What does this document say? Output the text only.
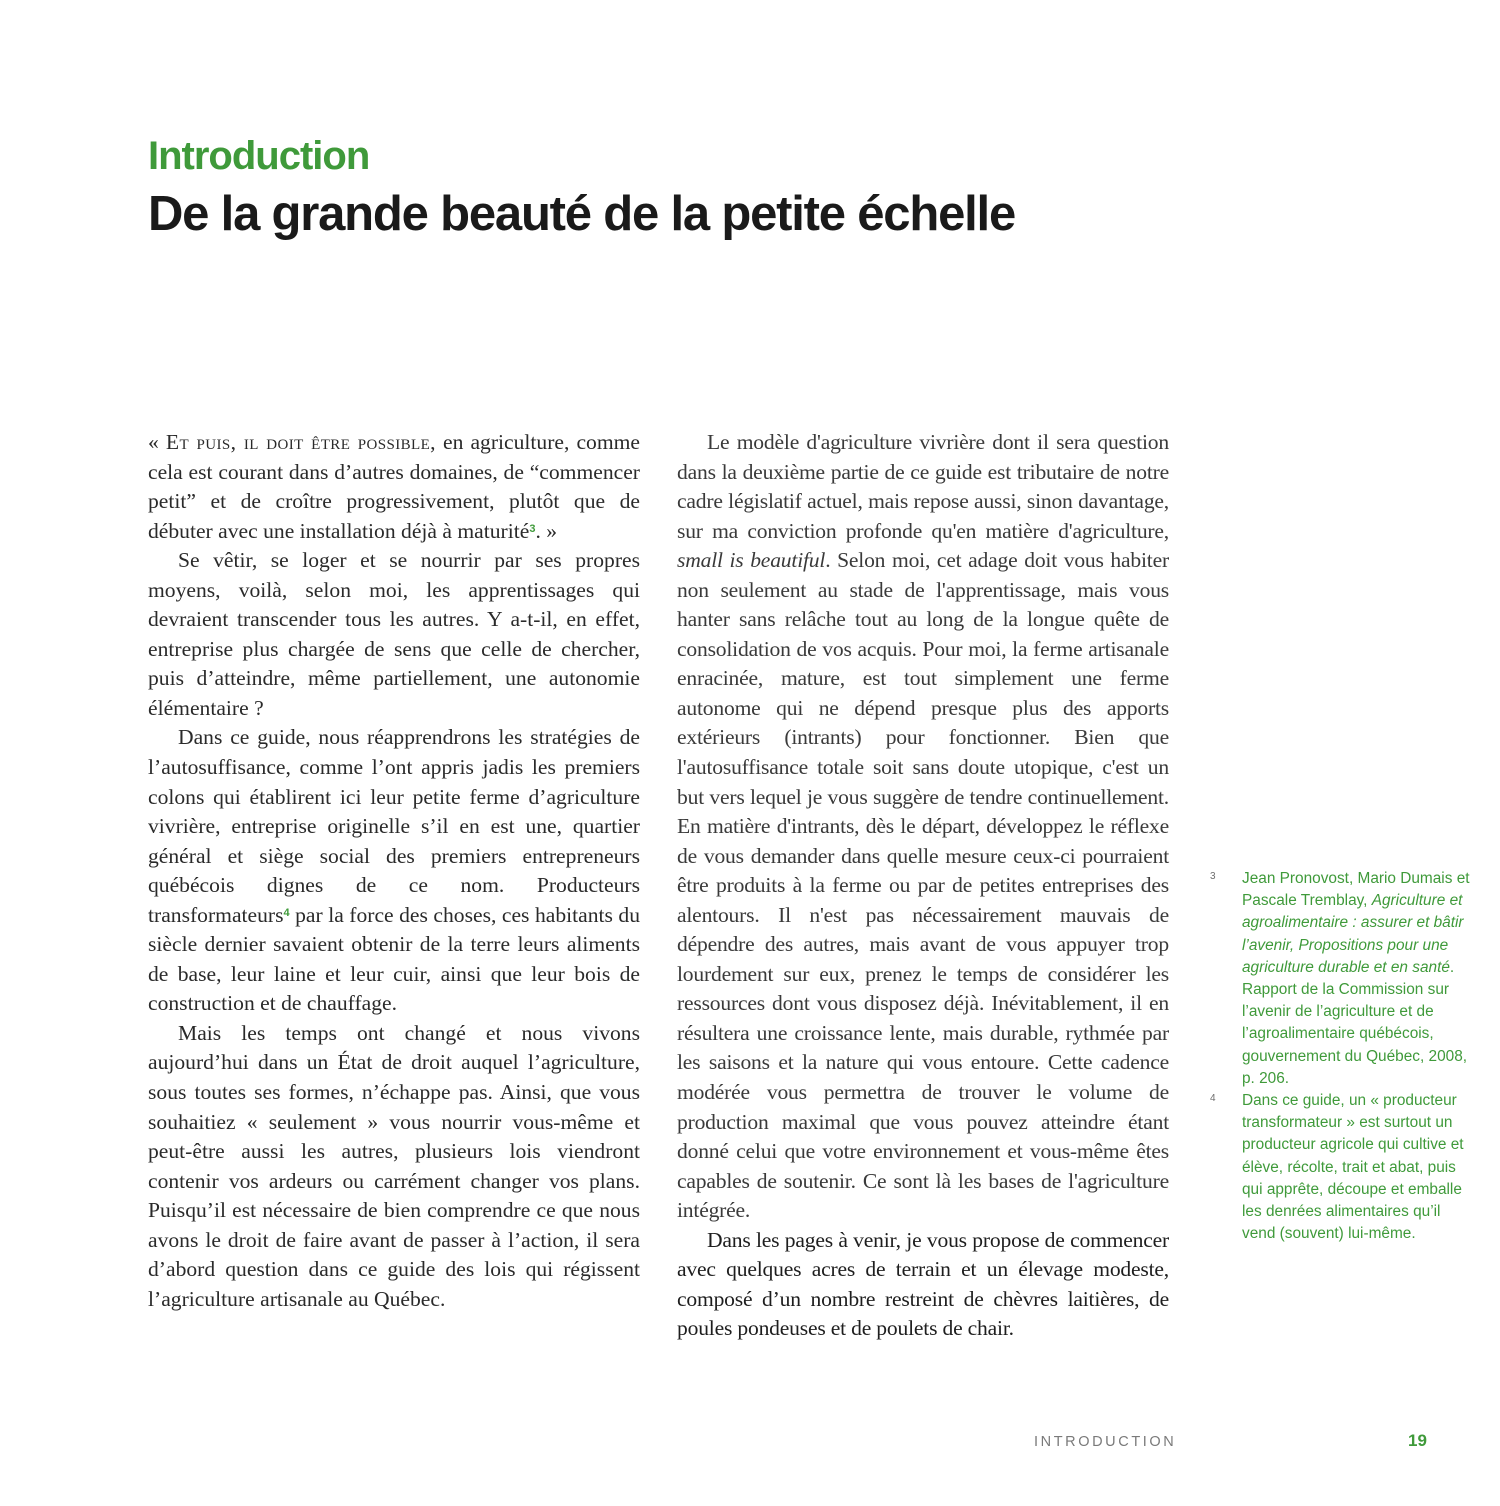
Introduction
De la grande beauté de la petite échelle

« Et puis, il doit être possible, en agriculture, comme cela est courant dans d’autres domaines, de “commencer petit” et de croître progressivement, plutôt que de débuter avec une installation déjà à maturité$^3$. »

Se vêtir, se loger et se nourrir par ses propres moyens, voilà, selon moi, les apprentissages qui devraient transcender tous les autres. Y a-t-il, en effet, entreprise plus chargée de sens que celle de chercher, puis d’atteindre, même partiellement, une autonomie élémentaire ?

Dans ce guide, nous réapprendrons les stratégies de l’autosuffisance, comme l’ont appris jadis les premiers colons qui établirent ici leur petite ferme d’agriculture vivrière, entreprise originelle s’il en est une, quartier général et siège social des premiers entrepreneurs québécois dignes de ce nom. Producteurs transformateurs$^4$ par la force des choses, ces habitants du siècle dernier savaient obtenir de la terre leurs aliments de base, leur laine et leur cuir, ainsi que leur bois de construction et de chauffage.

Mais les temps ont changé et nous vivons aujourd’hui dans un État de droit auquel l’agriculture, sous toutes ses formes, n’échappe pas. Ainsi, que vous souhaitiez « seulement » vous nourrir vous-même et peut-être aussi les autres, plusieurs lois viendront contenir vos ardeurs ou carrément changer vos plans. Puisqu’il est nécessaire de bien comprendre ce que nous avons le droit de faire avant de passer à l’action, il sera d’abord question dans ce guide des lois qui régissent l’agriculture artisanale au Québec.

Le modèle d'agriculture vivrière dont il sera question dans la deuxième partie de ce guide est tributaire de notre cadre législatif actuel, mais repose aussi, sinon davantage, sur ma conviction profonde qu'en matière d'agriculture, small is beautiful. Selon moi, cet adage doit vous habiter non seulement au stade de l'apprentissage, mais vous hanter sans relâche tout au long de la longue quête de consolidation de vos acquis. Pour moi, la ferme artisanale enracinée, mature, est tout simplement une ferme autonome qui ne dépend presque plus des apports extérieurs (intrants) pour fonctionner. Bien que l'autosuffisance totale soit sans doute utopique, c'est un but vers lequel je vous suggère de tendre continuellement. En matière d'intrants, dès le départ, développez le réflexe de vous demander dans quelle mesure ceux-ci pourraient être produits à la ferme ou par de petites entreprises des alentours. Il n'est pas nécessairement mauvais de dépendre des autres, mais avant de vous appuyer trop lourdement sur eux, prenez le temps de considérer les ressources dont vous disposez déjà. Inévitablement, il en résultera une croissance lente, mais durable, rythmée par les saisons et la nature qui vous entoure. Cette cadence modérée vous permettra de trouver le volume de production maximal que vous pouvez atteindre étant donné celui que votre environnement et vous-même êtes capables de soutenir. Ce sont là les bases de l'agriculture intégrée.

Dans les pages à venir, je vous propose de commencer avec quelques acres de terrain et un élevage modeste, composé d’un nombre restreint de chèvres laitières, de poules pondeuses et de poulets de chair.

3 Jean Pronovost, Mario Dumais et Pascale Tremblay, Agriculture et agroalimentaire : assurer et bâtir l’avenir, Propositions pour une agriculture durable et en santé. Rapport de la Commission sur l’avenir de l’agriculture et de l’agroalimentaire québécois, gouvernement du Québec, 2008, p. 206.
4 Dans ce guide, un « producteur transformateur » est surtout un producteur agricole qui cultive et élève, récolte, trait et abat, puis qui apprête, découpe et emballe les denrées alimentaires qu’il vend (souvent) lui-même.
INTRODUCTION	19
